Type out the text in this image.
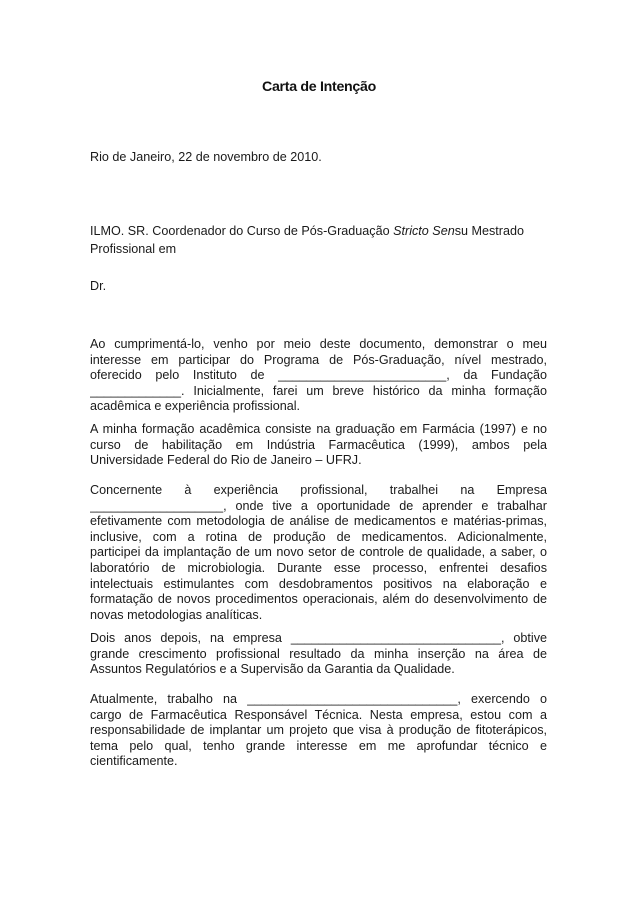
Carta de Intenção
Rio de Janeiro, 22 de novembro de 2010.
ILMO. SR. Coordenador do Curso de Pós-Graduação Stricto Sensu Mestrado
Profissional em
Dr.
Ao cumprimentá-lo, venho por meio deste documento, demonstrar o meu
interesse em participar do Programa de Pós-Graduação, nível mestrado,
oferecido pelo Instituto de ________________________, da Fundação
_____________. Inicialmente, farei um breve histórico da minha formação
acadêmica e experiência profissional.
A minha formação acadêmica consiste na graduação em Farmácia (1997) e no
curso de habilitação em Indústria Farmacêutica (1999), ambos pela
Universidade Federal do Rio de Janeiro – UFRJ.
Concernente à experiência profissional, trabalhei na Empresa
___________________, onde tive a oportunidade de aprender e trabalhar
efetivamente com metodologia de análise de medicamentos e matérias-primas,
inclusive, com a rotina de produção de medicamentos. Adicionalmente,
participei da implantação de um novo setor de controle de qualidade, a saber, o
laboratório de microbiologia. Durante esse processo, enfrentei desafios
intelectuais estimulantes com desdobramentos positivos na elaboração e
formatação de novos procedimentos operacionais, além do desenvolvimento de
novas metodologias analíticas.
Dois anos depois, na empresa ______________________________, obtive
grande crescimento profissional resultado da minha inserção na área de
Assuntos Regulatórios e a Supervisão da Garantia da Qualidade.
Atualmente, trabalho na ______________________________, exercendo o
cargo de Farmacêutica Responsável Técnica. Nesta empresa, estou com a
responsabilidade de implantar um projeto que visa à produção de fitoterápicos,
tema pelo qual, tenho grande interesse em me aprofundar técnico e
cientificamente.
